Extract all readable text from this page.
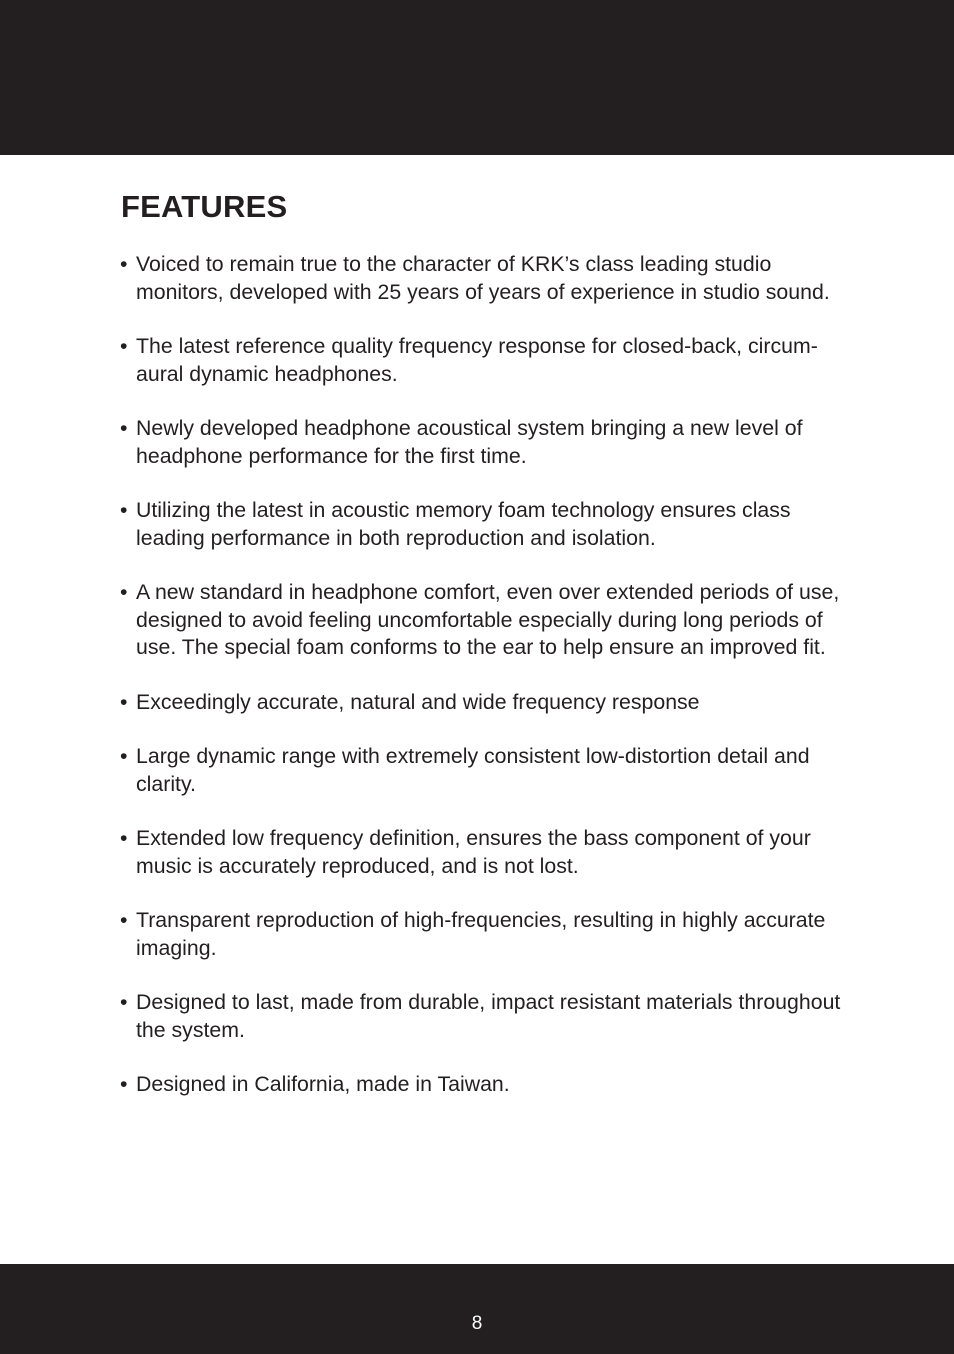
FEATURES
• Voiced to remain true to the character of KRK’s class leading studio monitors, developed with 25 years of years of experience in studio sound.
• The latest reference quality frequency response for closed-back, circum-aural dynamic headphones.
• Newly developed headphone acoustical system bringing a new level of headphone performance for the first time.
• Utilizing the latest in acoustic memory foam technology ensures class leading performance in both reproduction and isolation.
• A new standard in headphone comfort, even over extended periods of use, designed to avoid feeling uncomfortable especially during long periods of use. The special foam conforms to the ear to help ensure an improved fit.
• Exceedingly accurate, natural and wide frequency response
• Large dynamic range with extremely consistent low-distortion detail and clarity.
• Extended low frequency definition, ensures the bass component of your music is accurately reproduced, and is not lost.
• Transparent reproduction of high-frequencies, resulting in highly accurate imaging.
• Designed to last, made from durable, impact resistant materials throughout the system.
• Designed in California, made in Taiwan.
8
